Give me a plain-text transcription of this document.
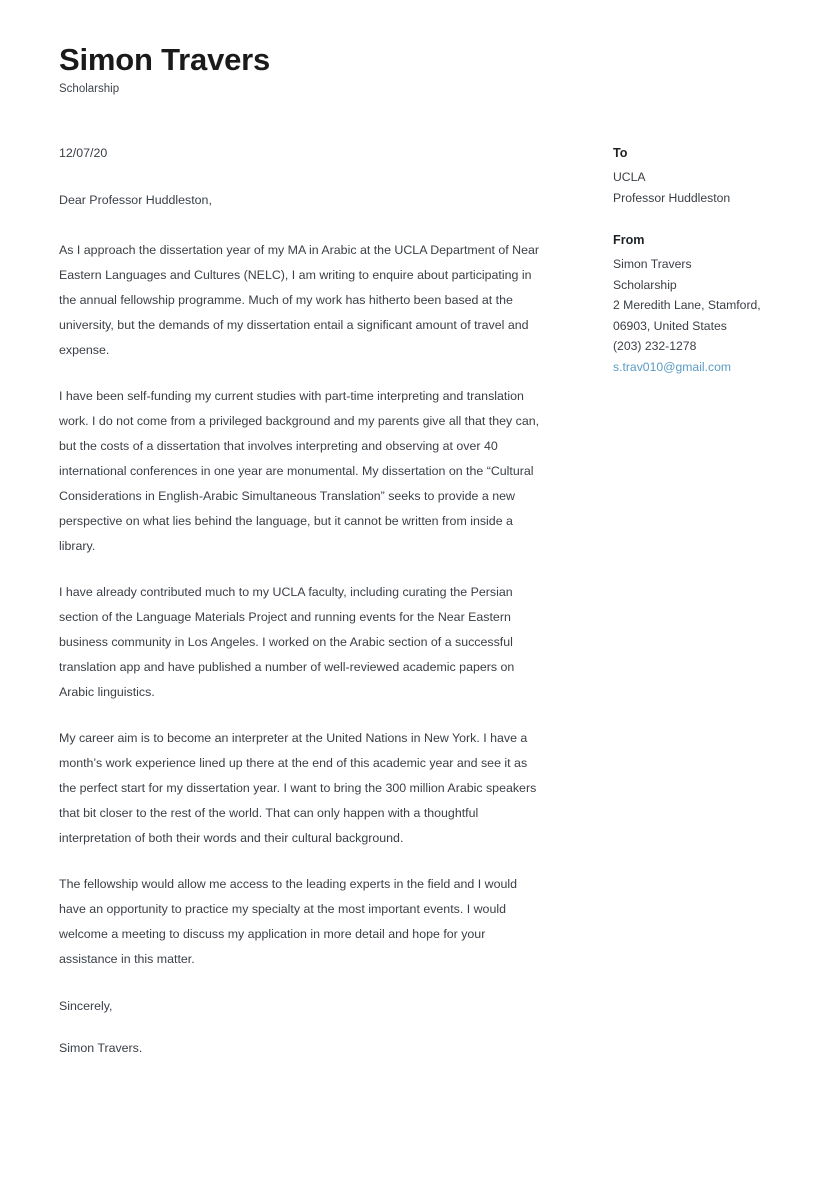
Simon Travers
Scholarship

12/07/20

Dear Professor Huddleston,

As I approach the dissertation year of my MA in Arabic at the UCLA Department of Near Eastern Languages and Cultures (NELC), I am writing to enquire about participating in the annual fellowship programme. Much of my work has hitherto been based at the university, but the demands of my dissertation entail a significant amount of travel and expense.

I have been self-funding my current studies with part-time interpreting and translation work. I do not come from a privileged background and my parents give all that they can, but the costs of a dissertation that involves interpreting and observing at over 40 international conferences in one year are monumental. My dissertation on the “Cultural Considerations in English-Arabic Simultaneous Translation” seeks to provide a new perspective on what lies behind the language, but it cannot be written from inside a library.

I have already contributed much to my UCLA faculty, including curating the Persian section of the Language Materials Project and running events for the Near Eastern business community in Los Angeles. I worked on the Arabic section of a successful translation app and have published a number of well-reviewed academic papers on Arabic linguistics.

My career aim is to become an interpreter at the United Nations in New York. I have a month’s work experience lined up there at the end of this academic year and see it as the perfect start for my dissertation year. I want to bring the 300 million Arabic speakers that bit closer to the rest of the world. That can only happen with a thoughtful interpretation of both their words and their cultural background.

The fellowship would allow me access to the leading experts in the field and I would have an opportunity to practice my specialty at the most important events. I would welcome a meeting to discuss my application in more detail and hope for your assistance in this matter.

Sincerely,

Simon Travers.

To

UCLA

Professor Huddleston

From

Simon Travers

Scholarship

2 Meredith Lane, Stamford,

06903, United States

(203) 232-1278

s.trav010@gmail.com
